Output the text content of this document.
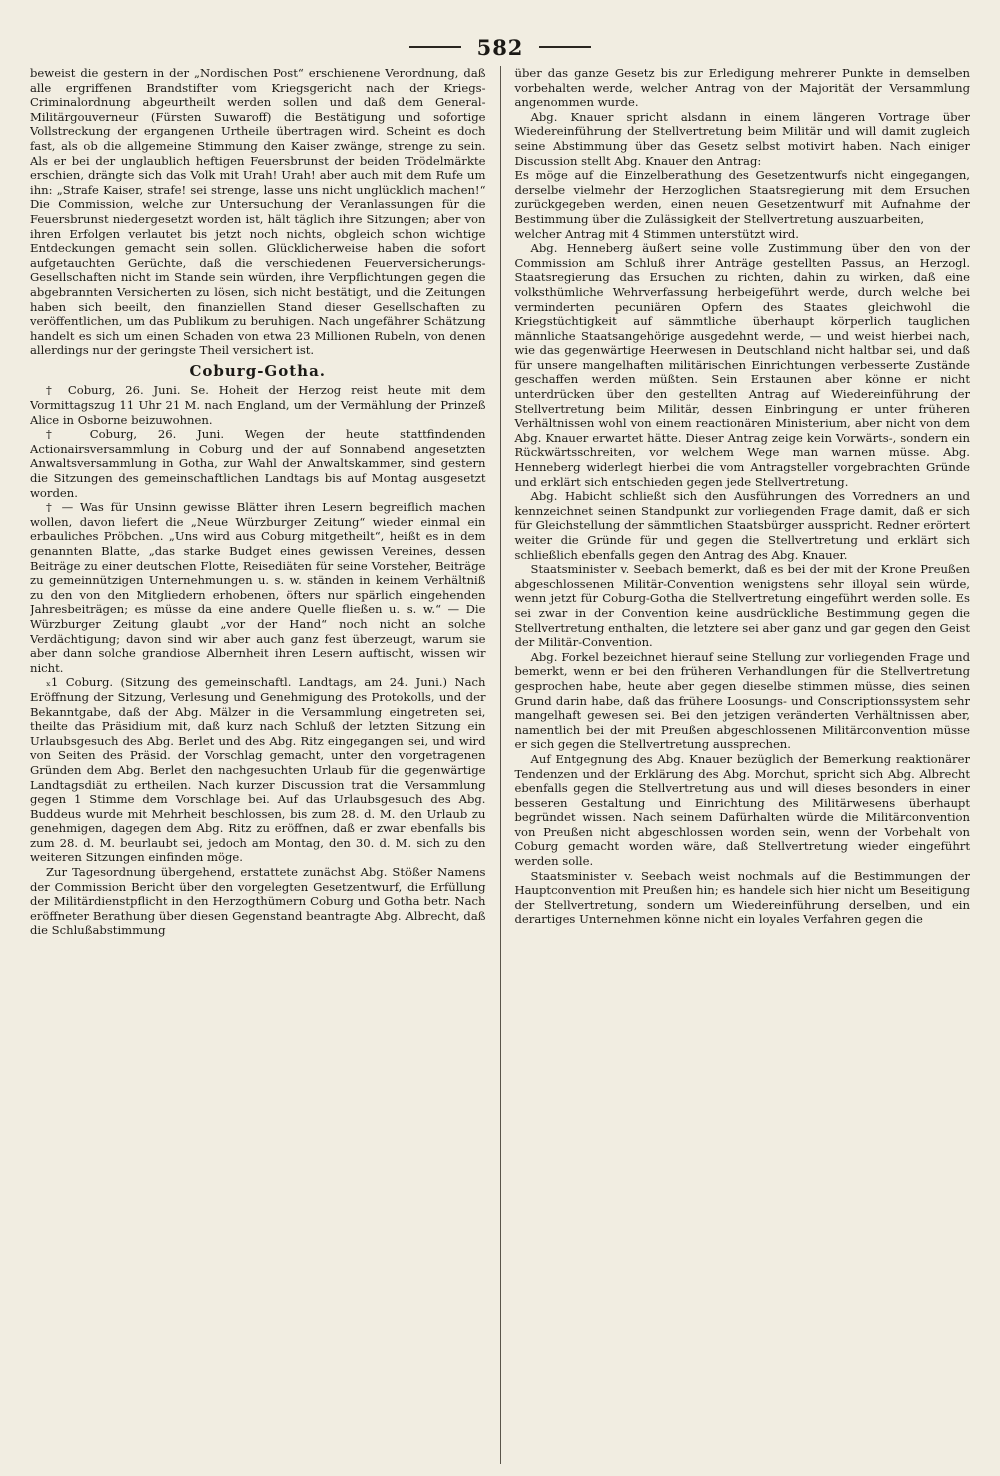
582

beweist die gestern in der „Nordischen Post“ erschienene Verordnung, daß alle ergriffenen Brandstifter vom Kriegsgericht nach der Kriegs-Criminalordnung abgeurtheilt werden sollen und daß dem General-Militärgouverneur (Fürsten Suwaroff) die Bestätigung und sofortige Vollstreckung der ergangenen Urtheile übertragen wird. Scheint es doch fast, als ob die allgemeine Stimmung den Kaiser zwänge, strenge zu sein. Als er bei der unglaublich heftigen Feuersbrunst der beiden Trödelmärkte erschien, drängte sich das Volk mit Urah! Urah! aber auch mit dem Rufe um ihn: „Strafe Kaiser, strafe! sei strenge, lasse uns nicht unglücklich machen!“ Die Commission, welche zur Untersuchung der Veranlassungen für die Feuersbrunst niedergesetzt worden ist, hält täglich ihre Sitzungen; aber von ihren Erfolgen verlautet bis jetzt noch nichts, obgleich schon wichtige Entdeckungen gemacht sein sollen. Glücklicherweise haben die sofort aufgetauchten Gerüchte, daß die verschiedenen Feuerversicherungs-Gesellschaften nicht im Stande sein würden, ihre Verpflichtungen gegen die abgebrannten Versicherten zu lösen, sich nicht bestätigt, und die Zeitungen haben sich beeilt, den finanziellen Stand dieser Gesellschaften zu veröffentlichen, um das Publikum zu beruhigen. Nach ungefährer Schätzung handelt es sich um einen Schaden von etwa 23 Millionen Rubeln, von denen allerdings nur der geringste Theil versichert ist.

Coburg-Gotha.

† Coburg, 26. Juni. Se. Hoheit der Herzog reist heute mit dem Vormittagszug 11 Uhr 21 M. nach England, um der Vermählung der Prinzeß Alice in Osborne beizuwohnen.

† Coburg, 26. Juni. Wegen der heute stattfindenden Actionairsversammlung in Coburg und der auf Sonnabend angesetzten Anwaltsversammlung in Gotha, zur Wahl der Anwaltskammer, sind gestern die Sitzungen des gemeinschaftlichen Landtags bis auf Montag ausgesetzt worden.

† — Was für Unsinn gewisse Blätter ihren Lesern begreiflich machen wollen, davon liefert die „Neue Würzburger Zeitung“ wieder einmal ein erbauliches Pröbchen. „Uns wird aus Coburg mitgetheilt“, heißt es in dem genannten Blatte, „das starke Budget eines gewissen Vereines, dessen Beiträge zu einer deutschen Flotte, Reisediäten für seine Vorsteher, Beiträge zu gemeinnützigen Unternehmungen u. s. w. ständen in keinem Verhältniß zu den von den Mitgliedern erhobenen, öfters nur spärlich eingehenden Jahresbeiträgen; es müsse da eine andere Quelle fließen u. s. w.“ — Die Würzburger Zeitung glaubt „vor der Hand“ noch nicht an solche Verdächtigung; davon sind wir aber auch ganz fest überzeugt, warum sie aber dann solche grandiose Albernheit ihren Lesern auftischt, wissen wir nicht.

ₓ1 Coburg. (Sitzung des gemeinschaftl. Landtags, am 24. Juni.) Nach Eröffnung der Sitzung, Verlesung und Genehmigung des Protokolls, und der Bekanntgabe, daß der Abg. Mälzer in die Versammlung eingetreten sei, theilte das Präsidium mit, daß kurz nach Schluß der letzten Sitzung ein Urlaubsgesuch des Abg. Berlet und des Abg. Ritz eingegangen sei, und wird von Seiten des Präsid. der Vorschlag gemacht, unter den vorgetragenen Gründen dem Abg. Berlet den nachgesuchten Urlaub für die gegenwärtige Landtagsdiät zu ertheilen. Nach kurzer Discussion trat die Versammlung gegen 1 Stimme dem Vorschlage bei. Auf das Urlaubsgesuch des Abg. Buddeus wurde mit Mehrheit beschlossen, bis zum 28. d. M. den Urlaub zu genehmigen, dagegen dem Abg. Ritz zu eröffnen, daß er zwar ebenfalls bis zum 28. d. M. beurlaubt sei, jedoch am Montag, den 30. d. M. sich zu den weiteren Sitzungen einfinden möge.

Zur Tagesordnung übergehend, erstattete zunächst Abg. Stößer Namens der Commission Bericht über den vorgelegten Gesetzentwurf, die Erfüllung der Militärdienstpflicht in den Herzogthümern Coburg und Gotha betr. Nach eröffneter Berathung über diesen Gegenstand beantragte Abg. Albrecht, daß die Schlußabstimmung

über das ganze Gesetz bis zur Erledigung mehrerer Punkte in demselben vorbehalten werde, welcher Antrag von der Majorität der Versammlung angenommen wurde.

Abg. Knauer spricht alsdann in einem längeren Vortrage über Wiedereinführung der Stellvertretung beim Militär und will damit zugleich seine Abstimmung über das Gesetz selbst motivirt haben. Nach einiger Discussion stellt Abg. Knauer den Antrag:

Es möge auf die Einzelberathung des Gesetzentwurfs nicht eingegangen, derselbe vielmehr der Herzoglichen Staatsregierung mit dem Ersuchen zurückgegeben werden, einen neuen Gesetzentwurf mit Aufnahme der Bestimmung über die Zulässigkeit der Stellvertretung auszuarbeiten,

welcher Antrag mit 4 Stimmen unterstützt wird.

Abg. Henneberg äußert seine volle Zustimmung über den von der Commission am Schluß ihrer Anträge gestellten Passus, an Herzogl. Staatsregierung das Ersuchen zu richten, dahin zu wirken, daß eine volksthümliche Wehrverfassung herbeigeführt werde, durch welche bei verminderten pecuniären Opfern des Staates gleichwohl die Kriegstüchtigkeit auf sämmtliche überhaupt körperlich tauglichen männliche Staatsangehörige ausgedehnt werde, — und weist hierbei nach, wie das gegenwärtige Heerwesen in Deutschland nicht haltbar sei, und daß für unsere mangelhaften militärischen Einrichtungen verbesserte Zustände geschaffen werden müßten. Sein Erstaunen aber könne er nicht unterdrücken über den gestellten Antrag auf Wiedereinführung der Stellvertretung beim Militär, dessen Einbringung er unter früheren Verhältnissen wohl von einem reactionären Ministerium, aber nicht von dem Abg. Knauer erwartet hätte. Dieser Antrag zeige kein Vorwärts-, sondern ein Rückwärtsschreiten, vor welchem Wege man warnen müsse. Abg. Henneberg widerlegt hierbei die vom Antragsteller vorgebrachten Gründe und erklärt sich entschieden gegen jede Stellvertretung.

Abg. Habicht schließt sich den Ausführungen des Vorredners an und kennzeichnet seinen Standpunkt zur vorliegenden Frage damit, daß er sich für Gleichstellung der sämmtlichen Staatsbürger ausspricht. Redner erörtert weiter die Gründe für und gegen die Stellvertretung und erklärt sich schließlich ebenfalls gegen den Antrag des Abg. Knauer.

Staatsminister v. Seebach bemerkt, daß es bei der mit der Krone Preußen abgeschlossenen Militär-Convention wenigstens sehr illoyal sein würde, wenn jetzt für Coburg-Gotha die Stellvertretung eingeführt werden solle. Es sei zwar in der Convention keine ausdrückliche Bestimmung gegen die Stellvertretung enthalten, die letztere sei aber ganz und gar gegen den Geist der Militär-Convention.

Abg. Forkel bezeichnet hierauf seine Stellung zur vorliegenden Frage und bemerkt, wenn er bei den früheren Verhandlungen für die Stellvertretung gesprochen habe, heute aber gegen dieselbe stimmen müsse, dies seinen Grund darin habe, daß das frühere Loosungs- und Conscriptionssystem sehr mangelhaft gewesen sei. Bei den jetzigen veränderten Verhältnissen aber, namentlich bei der mit Preußen abgeschlossenen Militärconvention müsse er sich gegen die Stellvertretung aussprechen.

Auf Entgegnung des Abg. Knauer bezüglich der Bemerkung reaktionärer Tendenzen und der Erklärung des Abg. Morchut, spricht sich Abg. Albrecht ebenfalls gegen die Stellvertretung aus und will dieses besonders in einer besseren Gestaltung und Einrichtung des Militärwesens überhaupt begründet wissen. Nach seinem Dafürhalten würde die Militärconvention von Preußen nicht abgeschlossen worden sein, wenn der Vorbehalt von Coburg gemacht worden wäre, daß Stellvertretung wieder eingeführt werden solle.

Staatsminister v. Seebach weist nochmals auf die Bestimmungen der Hauptconvention mit Preußen hin; es handele sich hier nicht um Beseitigung der Stellvertretung, sondern um Wiedereinführung derselben, und ein derartiges Unternehmen könne nicht ein loyales Verfahren gegen die
